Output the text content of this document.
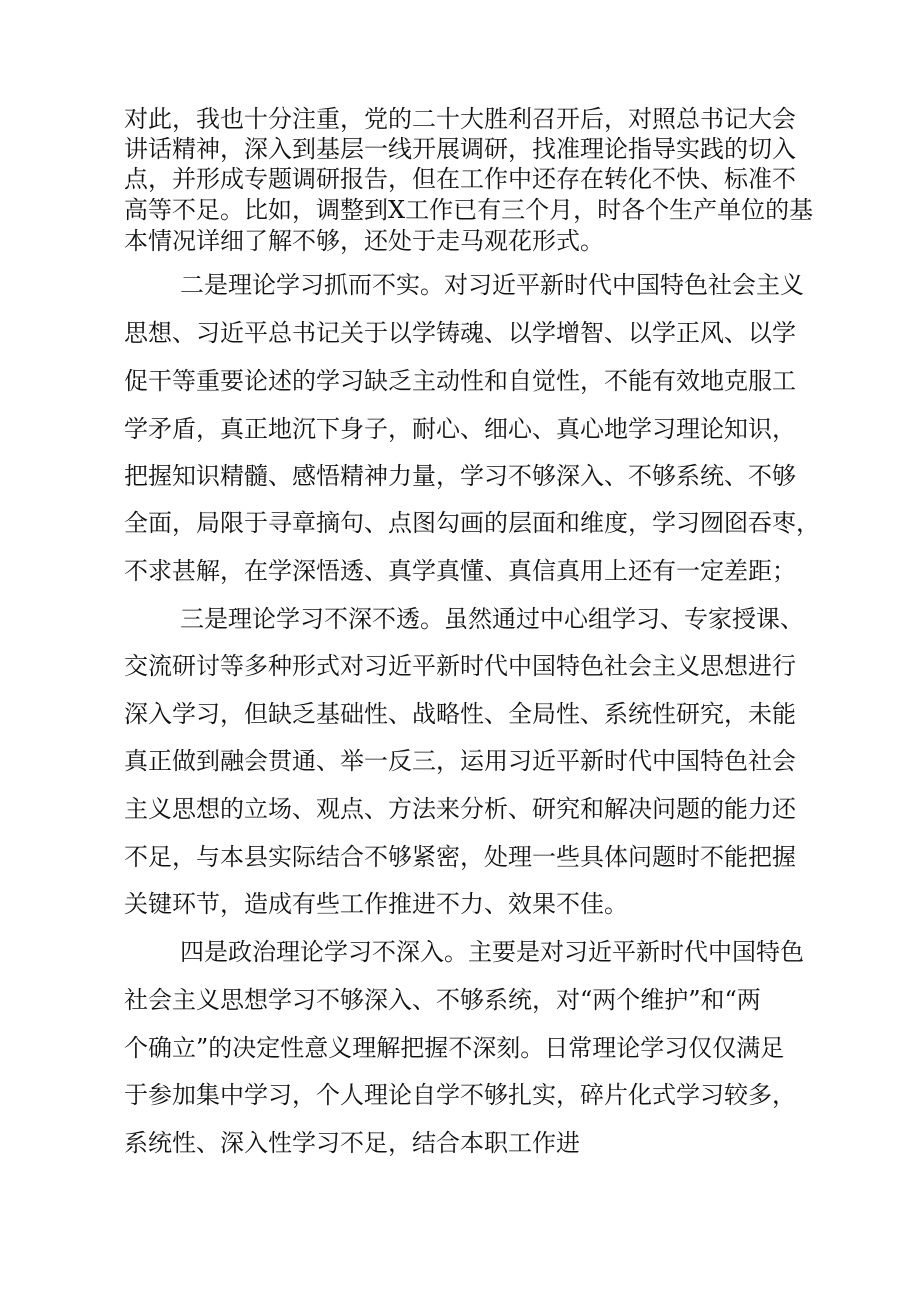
对此，我也十分注重，党的二十大胜利召开后，对照总书记大会
讲话精神，深入到基层一线开展调研，找准理论指导实践的切入
点，并形成专题调研报告，但在工作中还存在转化不快、标准不
高等不足。比如，调整到X工作已有三个月，时各个生产单位的基
本情况详细了解不够，还处于走马观花形式。
二是理论学习抓而不实。对习近平新时代中国特色社会主义
思想、习近平总书记关于以学铸魂、以学增智、以学正风、以学
促干等重要论述的学习缺乏主动性和自觉性，不能有效地克服工
学矛盾，真正地沉下身子，耐心、细心、真心地学习理论知识，
把握知识精髓、感悟精神力量，学习不够深入、不够系统、不够
全面，局限于寻章摘句、点图勾画的层面和维度，学习囫囵吞枣，
不求甚解，在学深悟透、真学真懂、真信真用上还有一定差距；
三是理论学习不深不透。虽然通过中心组学习、专家授课、
交流研讨等多种形式对习近平新时代中国特色社会主义思想进行
深入学习，但缺乏基础性、战略性、全局性、系统性研究，未能
真正做到融会贯通、举一反三，运用习近平新时代中国特色社会
主义思想的立场、观点、方法来分析、研究和解决问题的能力还
不足，与本县实际结合不够紧密，处理一些具体问题时不能把握
关键环节，造成有些工作推进不力、效果不佳。
四是政治理论学习不深入。主要是对习近平新时代中国特色
社会主义思想学习不够深入、不够系统，对“两个维护”和“两
个确立”的决定性意义理解把握不深刻。日常理论学习仅仅满足
于参加集中学习，个人理论自学不够扎实，碎片化式学习较多，
系统性、深入性学习不足，结合本职工作进
